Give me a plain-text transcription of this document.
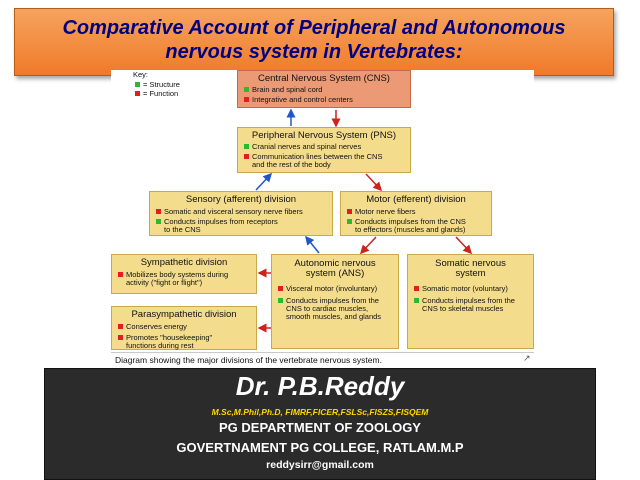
Comparative Account of Peripheral and Autonomous
nervous system in Vertebrates:
Key:
= Structure
= Function
Central Nervous System (CNS)
Brain and spinal cord
Integrative and control centers
Peripheral Nervous System (PNS)
Cranial nerves and spinal nerves
Communication lines between the CNS
and the rest of the body
Sensory (afferent) division
Somatic and visceral sensory nerve fibers
Conducts impulses from receptors
to the CNS
Motor (efferent) division
Motor nerve fibers
Conducts impulses from the CNS
to effectors (muscles and glands)
Sympathetic division
Mobilizes body systems during
activity ("fight or flight")
Autonomic nervous
system (ANS)
Visceral motor (involuntary)
Conducts impulses from the
CNS to cardiac muscles,
smooth muscles, and glands
Somatic nervous
system
Somatic motor (voluntary)
Conducts impulses from the
CNS to skeletal muscles
Parasympathetic division
Conserves energy
Promotes "housekeeping"
functions during rest
Diagram showing the major divisions of the vertebrate nervous system.	↗
Dr. P.B.Reddy
M.Sc,M.Phil,Ph.D, FIMRF,FICER,FSLSc,FISZS,FISQEM
PG DEPARTMENT OF ZOOLOGY
GOVERTNAMENT PG COLLEGE, RATLAM.M.P
reddysirr@gmail.com
